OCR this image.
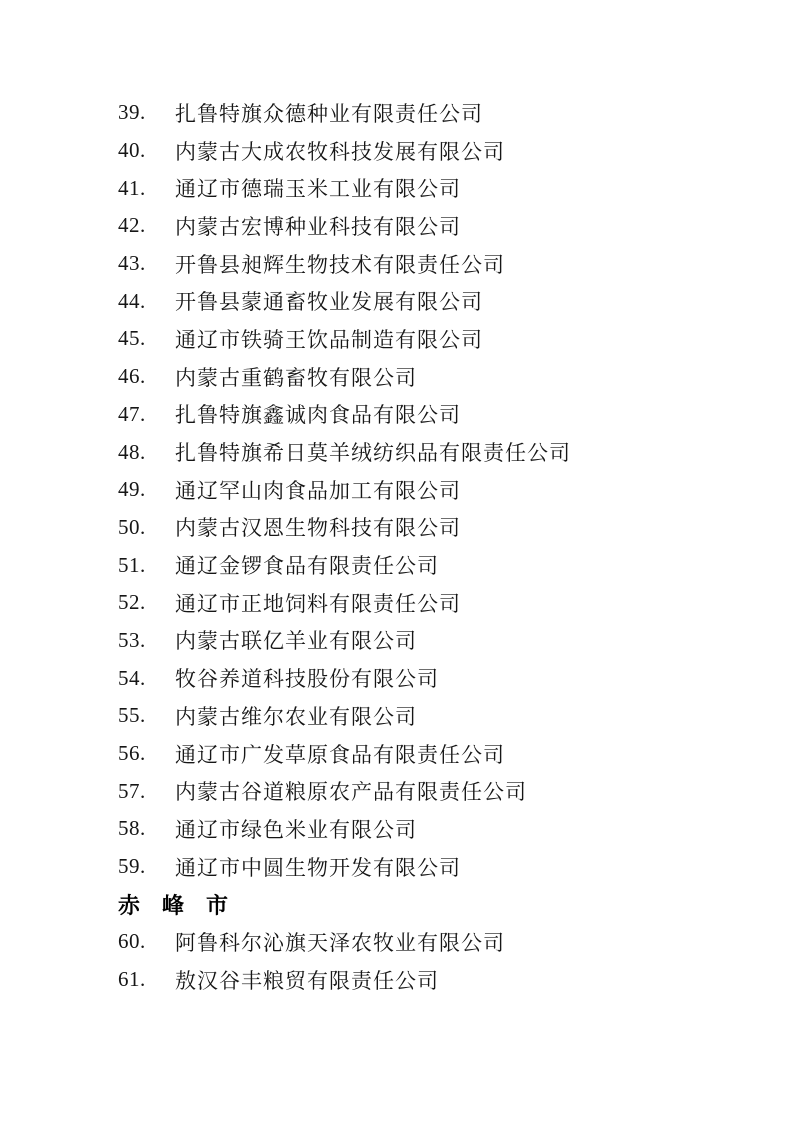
39.	扎鲁特旗众德种业有限责任公司
40.	内蒙古大成农牧科技发展有限公司
41.	通辽市德瑞玉米工业有限公司
42.	内蒙古宏博种业科技有限公司
43.	开鲁县昶辉生物技术有限责任公司
44.	开鲁县蒙通畜牧业发展有限公司
45.	通辽市铁骑王饮品制造有限公司
46.	内蒙古重鹤畜牧有限公司
47.	扎鲁特旗鑫诚肉食品有限公司
48.	扎鲁特旗希日莫羊绒纺织品有限责任公司
49.	通辽罕山肉食品加工有限公司
50.	内蒙古汉恩生物科技有限公司
51.	通辽金锣食品有限责任公司
52.	通辽市正地饲料有限责任公司
53.	内蒙古联亿羊业有限公司
54.	牧谷养道科技股份有限公司
55.	内蒙古维尔农业有限公司
56.	通辽市广发草原食品有限责任公司
57.	内蒙古谷道粮原农产品有限责任公司
58.	通辽市绿色米业有限公司
59.	通辽市中圆生物开发有限公司
赤　峰　市
60.	阿鲁科尔沁旗天泽农牧业有限公司
61.	敖汉谷丰粮贸有限责任公司
